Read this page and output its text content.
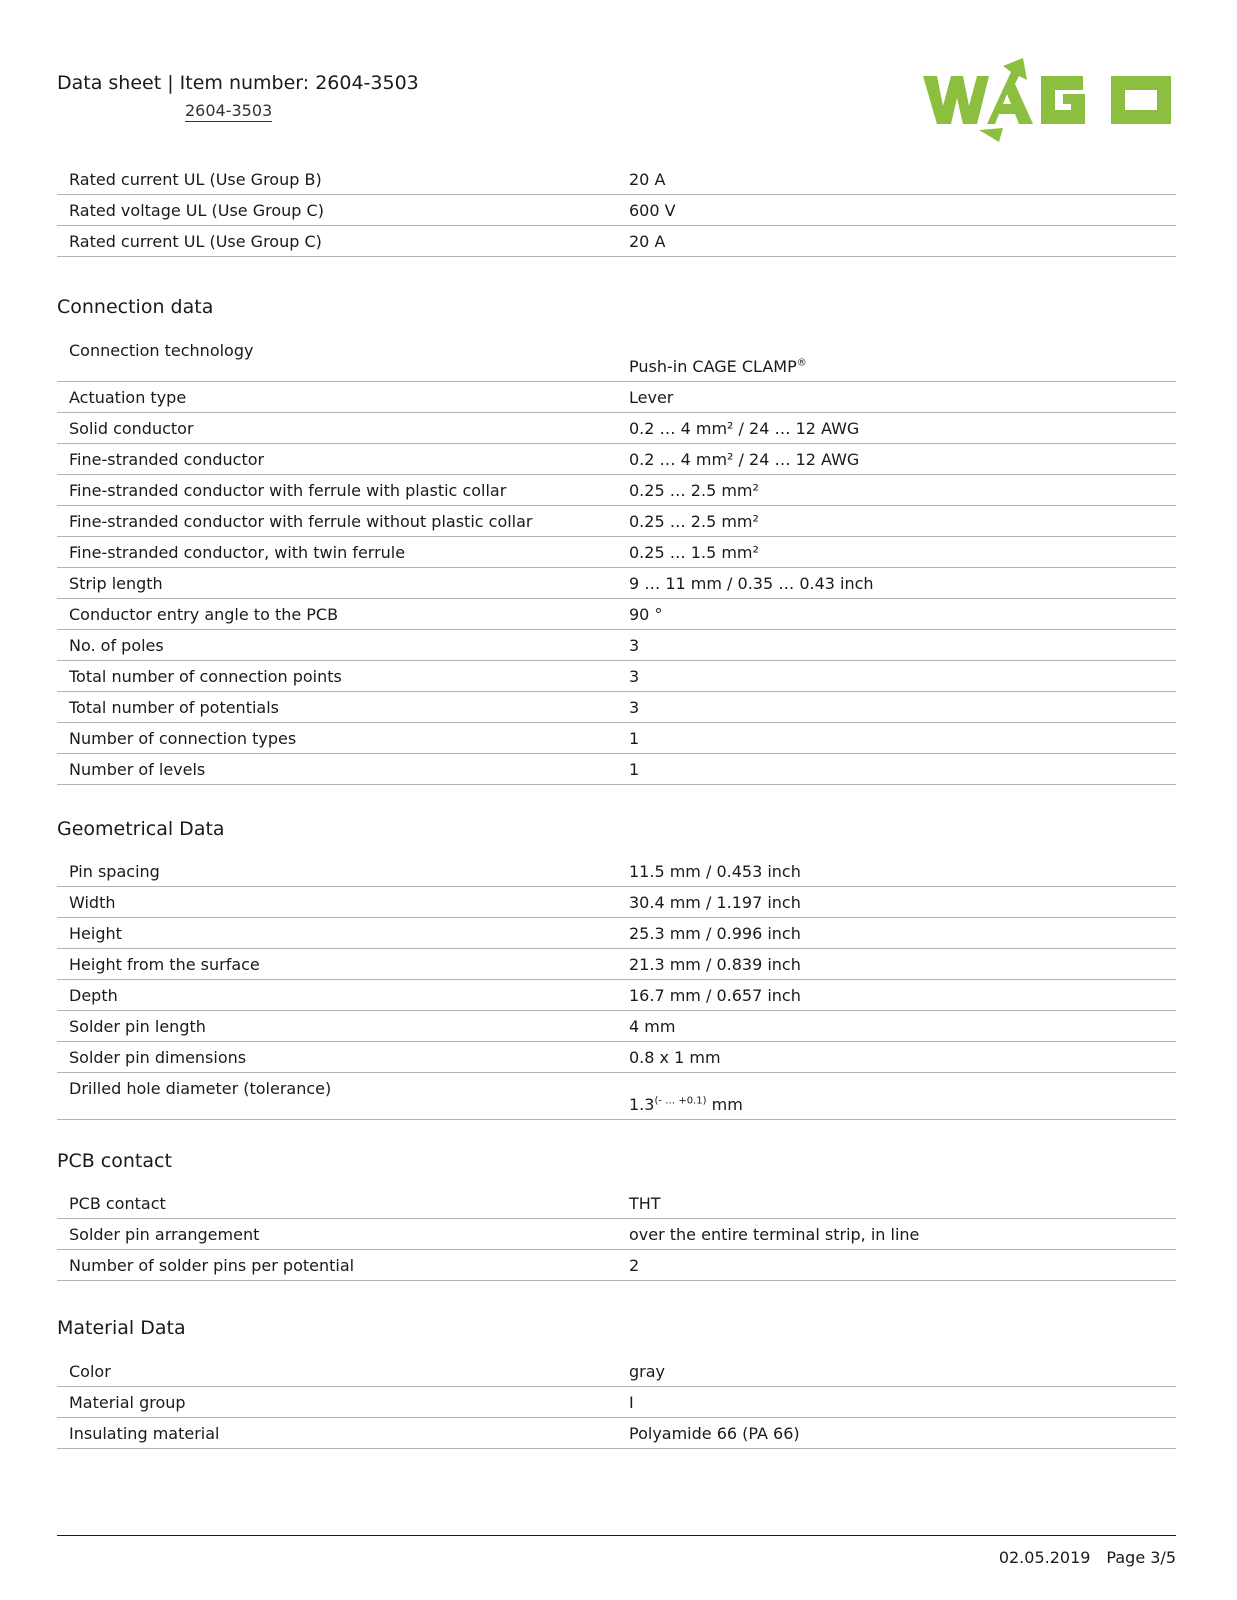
Data sheet | Item number: 2604-3503
2604-3503
Rated current UL (Use Group B)	20 A
Rated voltage UL (Use Group C)	600 V
Rated current UL (Use Group C)	20 A
Connection data
Connection technology	Push-in CAGE CLAMP®
Actuation type	Lever
Solid conductor	0.2 … 4 mm² / 24 … 12 AWG
Fine-stranded conductor	0.2 … 4 mm² / 24 … 12 AWG
Fine-stranded conductor with ferrule with plastic collar	0.25 … 2.5 mm²
Fine-stranded conductor with ferrule without plastic collar	0.25 … 2.5 mm²
Fine-stranded conductor, with twin ferrule	0.25 … 1.5 mm²
Strip length	9 … 11 mm / 0.35 … 0.43 inch
Conductor entry angle to the PCB	90 °
No. of poles	3
Total number of connection points	3
Total number of potentials	3
Number of connection types	1
Number of levels	1
Geometrical Data
Pin spacing	11.5 mm / 0.453 inch
Width	30.4 mm / 1.197 inch
Height	25.3 mm / 0.996 inch
Height from the surface	21.3 mm / 0.839 inch
Depth	16.7 mm / 0.657 inch
Solder pin length	4 mm
Solder pin dimensions	0.8 x 1 mm
Drilled hole diameter (tolerance)	$1.3^{(- \dots +0.1)}$ mm
PCB contact
PCB contact	THT
Solder pin arrangement	over the entire terminal strip, in line
Number of solder pins per potential	2
Material Data
Color	gray
Material group	I
Insulating material	Polyamide 66 (PA 66)
02.05.2019 Page 3/5
